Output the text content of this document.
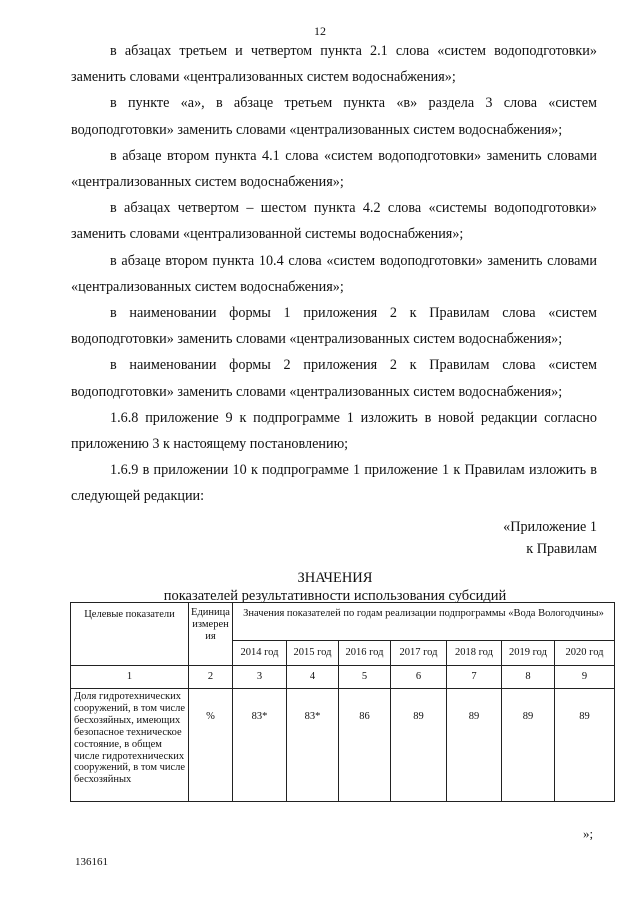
12

в абзацах третьем и четвертом пункта 2.1 слова «систем водоподготовки» заменить словами «централизованных систем водоснабжения»;

в пункте «а», в абзаце третьем пункта «в» раздела 3 слова «систем водоподготовки» заменить словами «централизованных систем водоснабжения»;

в абзаце втором пункта 4.1 слова «систем водоподготовки» заменить словами «централизованных систем водоснабжения»;

в абзацах четвертом – шестом пункта 4.2 слова «системы водоподготовки» заменить словами «централизованной системы водоснабжения»;

в абзаце втором пункта 10.4 слова «систем водоподготовки» заменить словами «централизованных систем водоснабжения»;

в наименовании формы 1 приложения 2 к Правилам слова «систем водоподготовки» заменить словами «централизованных систем водоснабжения»;

в наименовании формы 2 приложения 2 к Правилам слова «систем водоподготовки» заменить словами «централизованных систем водоснабжения»;

1.6.8 приложение 9 к подпрограмме 1 изложить в новой редакции согласно приложению 3 к настоящему постановлению;

1.6.9 в приложении 10 к подпрограмме 1 приложение 1 к Правилам изложить в следующей редакции:

«Приложение 1
к Правилам
ЗНАЧЕНИЯ
показателей результативности использования субсидий
Целевые показатели	Единица измерения	Значения показателей по годам реализации подпрограммы «Вода Вологодчины»						
		2014 год	2015 год	2016 год	2017 год	2018 год	2019 год	2020 год
1	2	3	4	5	6	7	8	9
Доля гидротехнических сооружений, в том числе бесхозяйных, имеющих безопасное техническое состояние, в общем числе гидротехнических сооружений, в том числе бесхозяйных	%	83*	83*	86	89	89	89	89
»;
136161
